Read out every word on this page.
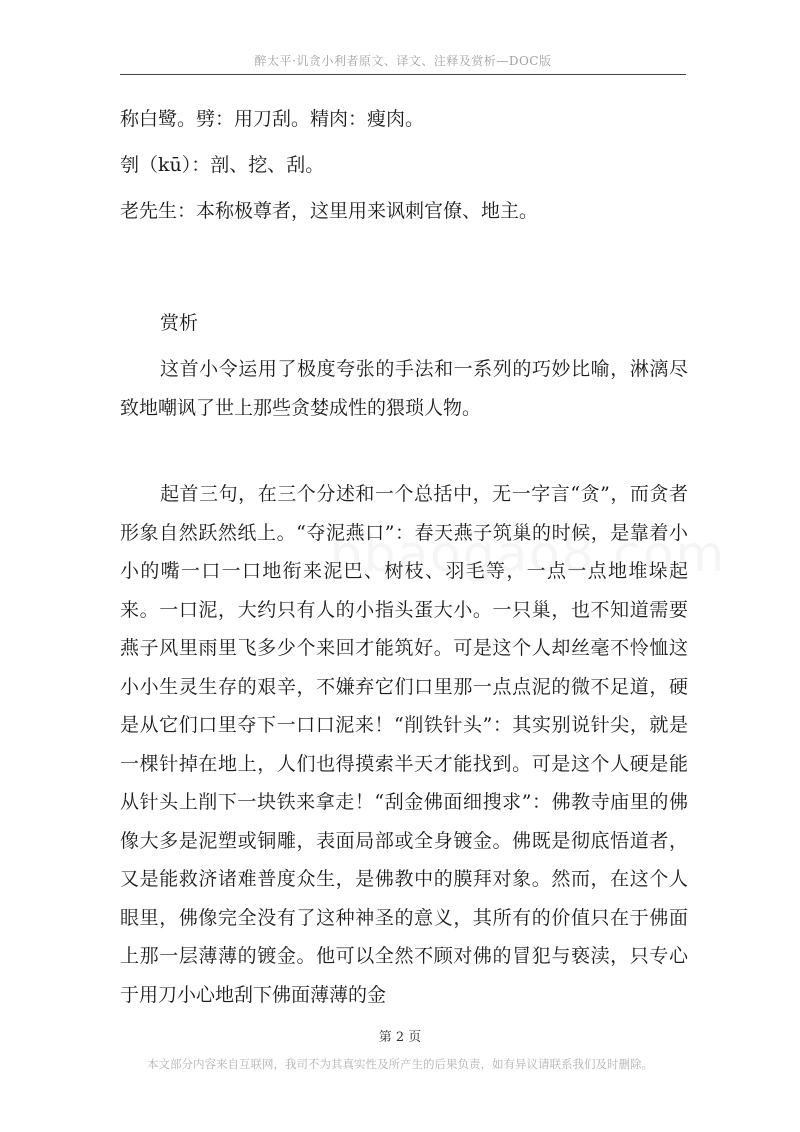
醉太平·讥贪小利者原文、译文、注释及赏析—DOC版

称白鹭。劈：用刀刮。精肉：瘦肉。

刳（kū）：剖、挖、刮。

老先生：本称极尊者，这里用来讽刺官僚、地主。

赏析

这首小令运用了极度夸张的手法和一系列的巧妙比喻，淋漓尽致地嘲讽了世上那些贪婪成性的猥琐人物。

起首三句，在三个分述和一个总括中，无一字言“贪”，而贪者形象自然跃然纸上。“夺泥燕口”：春天燕子筑巢的时候，是靠着小小的嘴一口一口地衔来泥巴、树枝、羽毛等，一点一点地堆垛起来。一口泥，大约只有人的小指头蛋大小。一只巢，也不知道需要燕子风里雨里飞多少个来回才能筑好。可是这个人却丝毫不怜恤这小小生灵生存的艰辛，不嫌弃它们口里那一点点泥的微不足道，硬是从它们口里夺下一口口泥来！“削铁针头”：其实别说针尖，就是一棵针掉在地上，人们也得摸索半天才能找到。可是这个人硬是能从针头上削下一块铁来拿走！“刮金佛面细搜求”：佛教寺庙里的佛像大多是泥塑或铜雕，表面局部或全身镀金。佛既是彻底悟道者，又是能救济诸难普度众生，是佛教中的膜拜对象。然而，在这个人眼里，佛像完全没有了这种神圣的意义，其所有的价值只在于佛面上那一层薄薄的镀金。他可以全然不顾对佛的冒犯与亵渎，只专心于用刀小心地刮下佛面薄薄的金

第 2 页
本文部分内容来自互联网，我司不为其真实性及所产生的后果负责，如有异议请联系我们及时删除。
